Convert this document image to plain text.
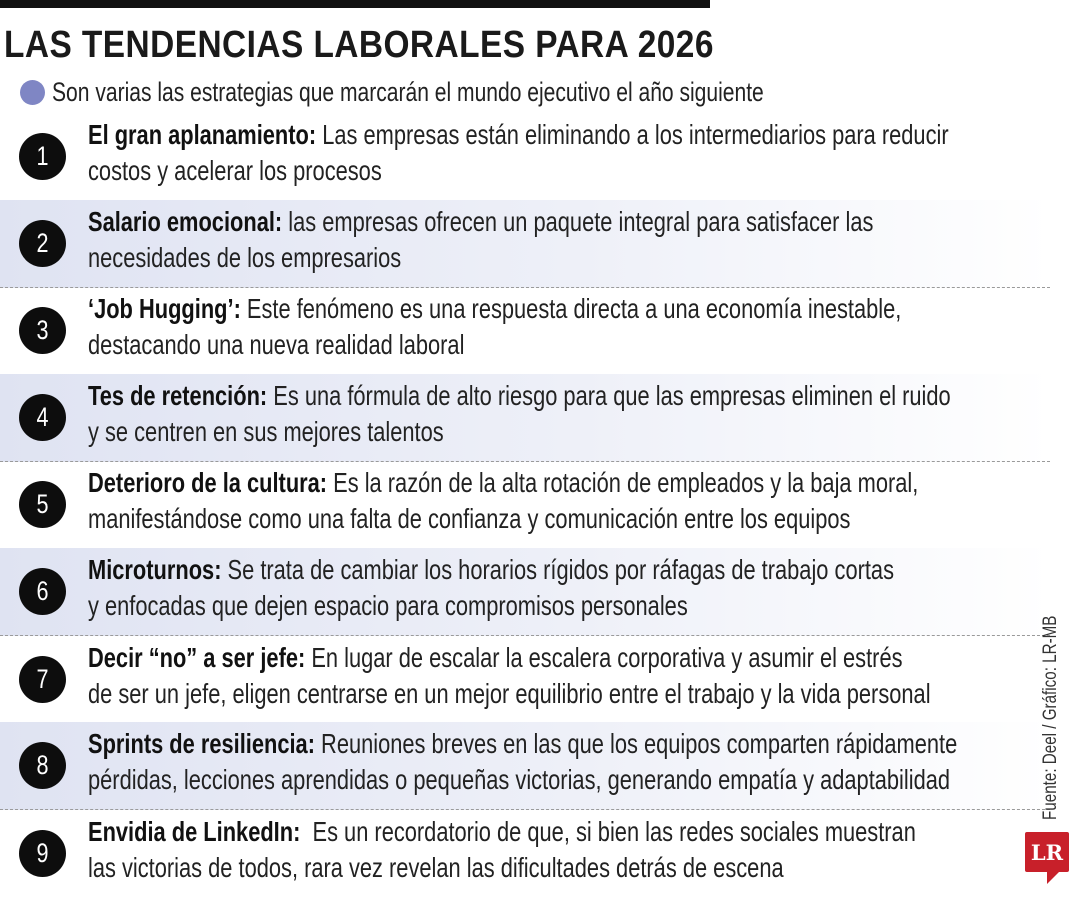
LAS TENDENCIAS LABORALES PARA 2026
Son varias las estrategias que marcarán el mundo ejecutivo el año siguiente
1
El gran aplanamiento: Las empresas están eliminando a los intermediarios para reducir
costos y acelerar los procesos
2
Salario emocional: las empresas ofrecen un paquete integral para satisfacer las
necesidades de los empresarios
3
‘Job Hugging’: Este fenómeno es una respuesta directa a una economía inestable,
destacando una nueva realidad laboral
4
Tes de retención: Es una fórmula de alto riesgo para que las empresas eliminen el ruido
y se centren en sus mejores talentos
5
Deterioro de la cultura: Es la razón de la alta rotación de empleados y la baja moral,
manifestándose como una falta de confianza y comunicación entre los equipos
6
Microturnos: Se trata de cambiar los horarios rígidos por ráfagas de trabajo cortas
y enfocadas que dejen espacio para compromisos personales
7
Decir “no” a ser jefe: En lugar de escalar la escalera corporativa y asumir el estrés
de ser un jefe, eligen centrarse en un mejor equilibrio entre el trabajo y la vida personal
8
Sprints de resiliencia: Reuniones breves en las que los equipos comparten rápidamente
pérdidas, lecciones aprendidas o pequeñas victorias, generando empatía y adaptabilidad
9
Envidia de LinkedIn:  Es un recordatorio de que, si bien las redes sociales muestran
las victorias de todos, rara vez revelan las dificultades detrás de escena
Fuente: Deel / Gráfico: LR-MB
LR
